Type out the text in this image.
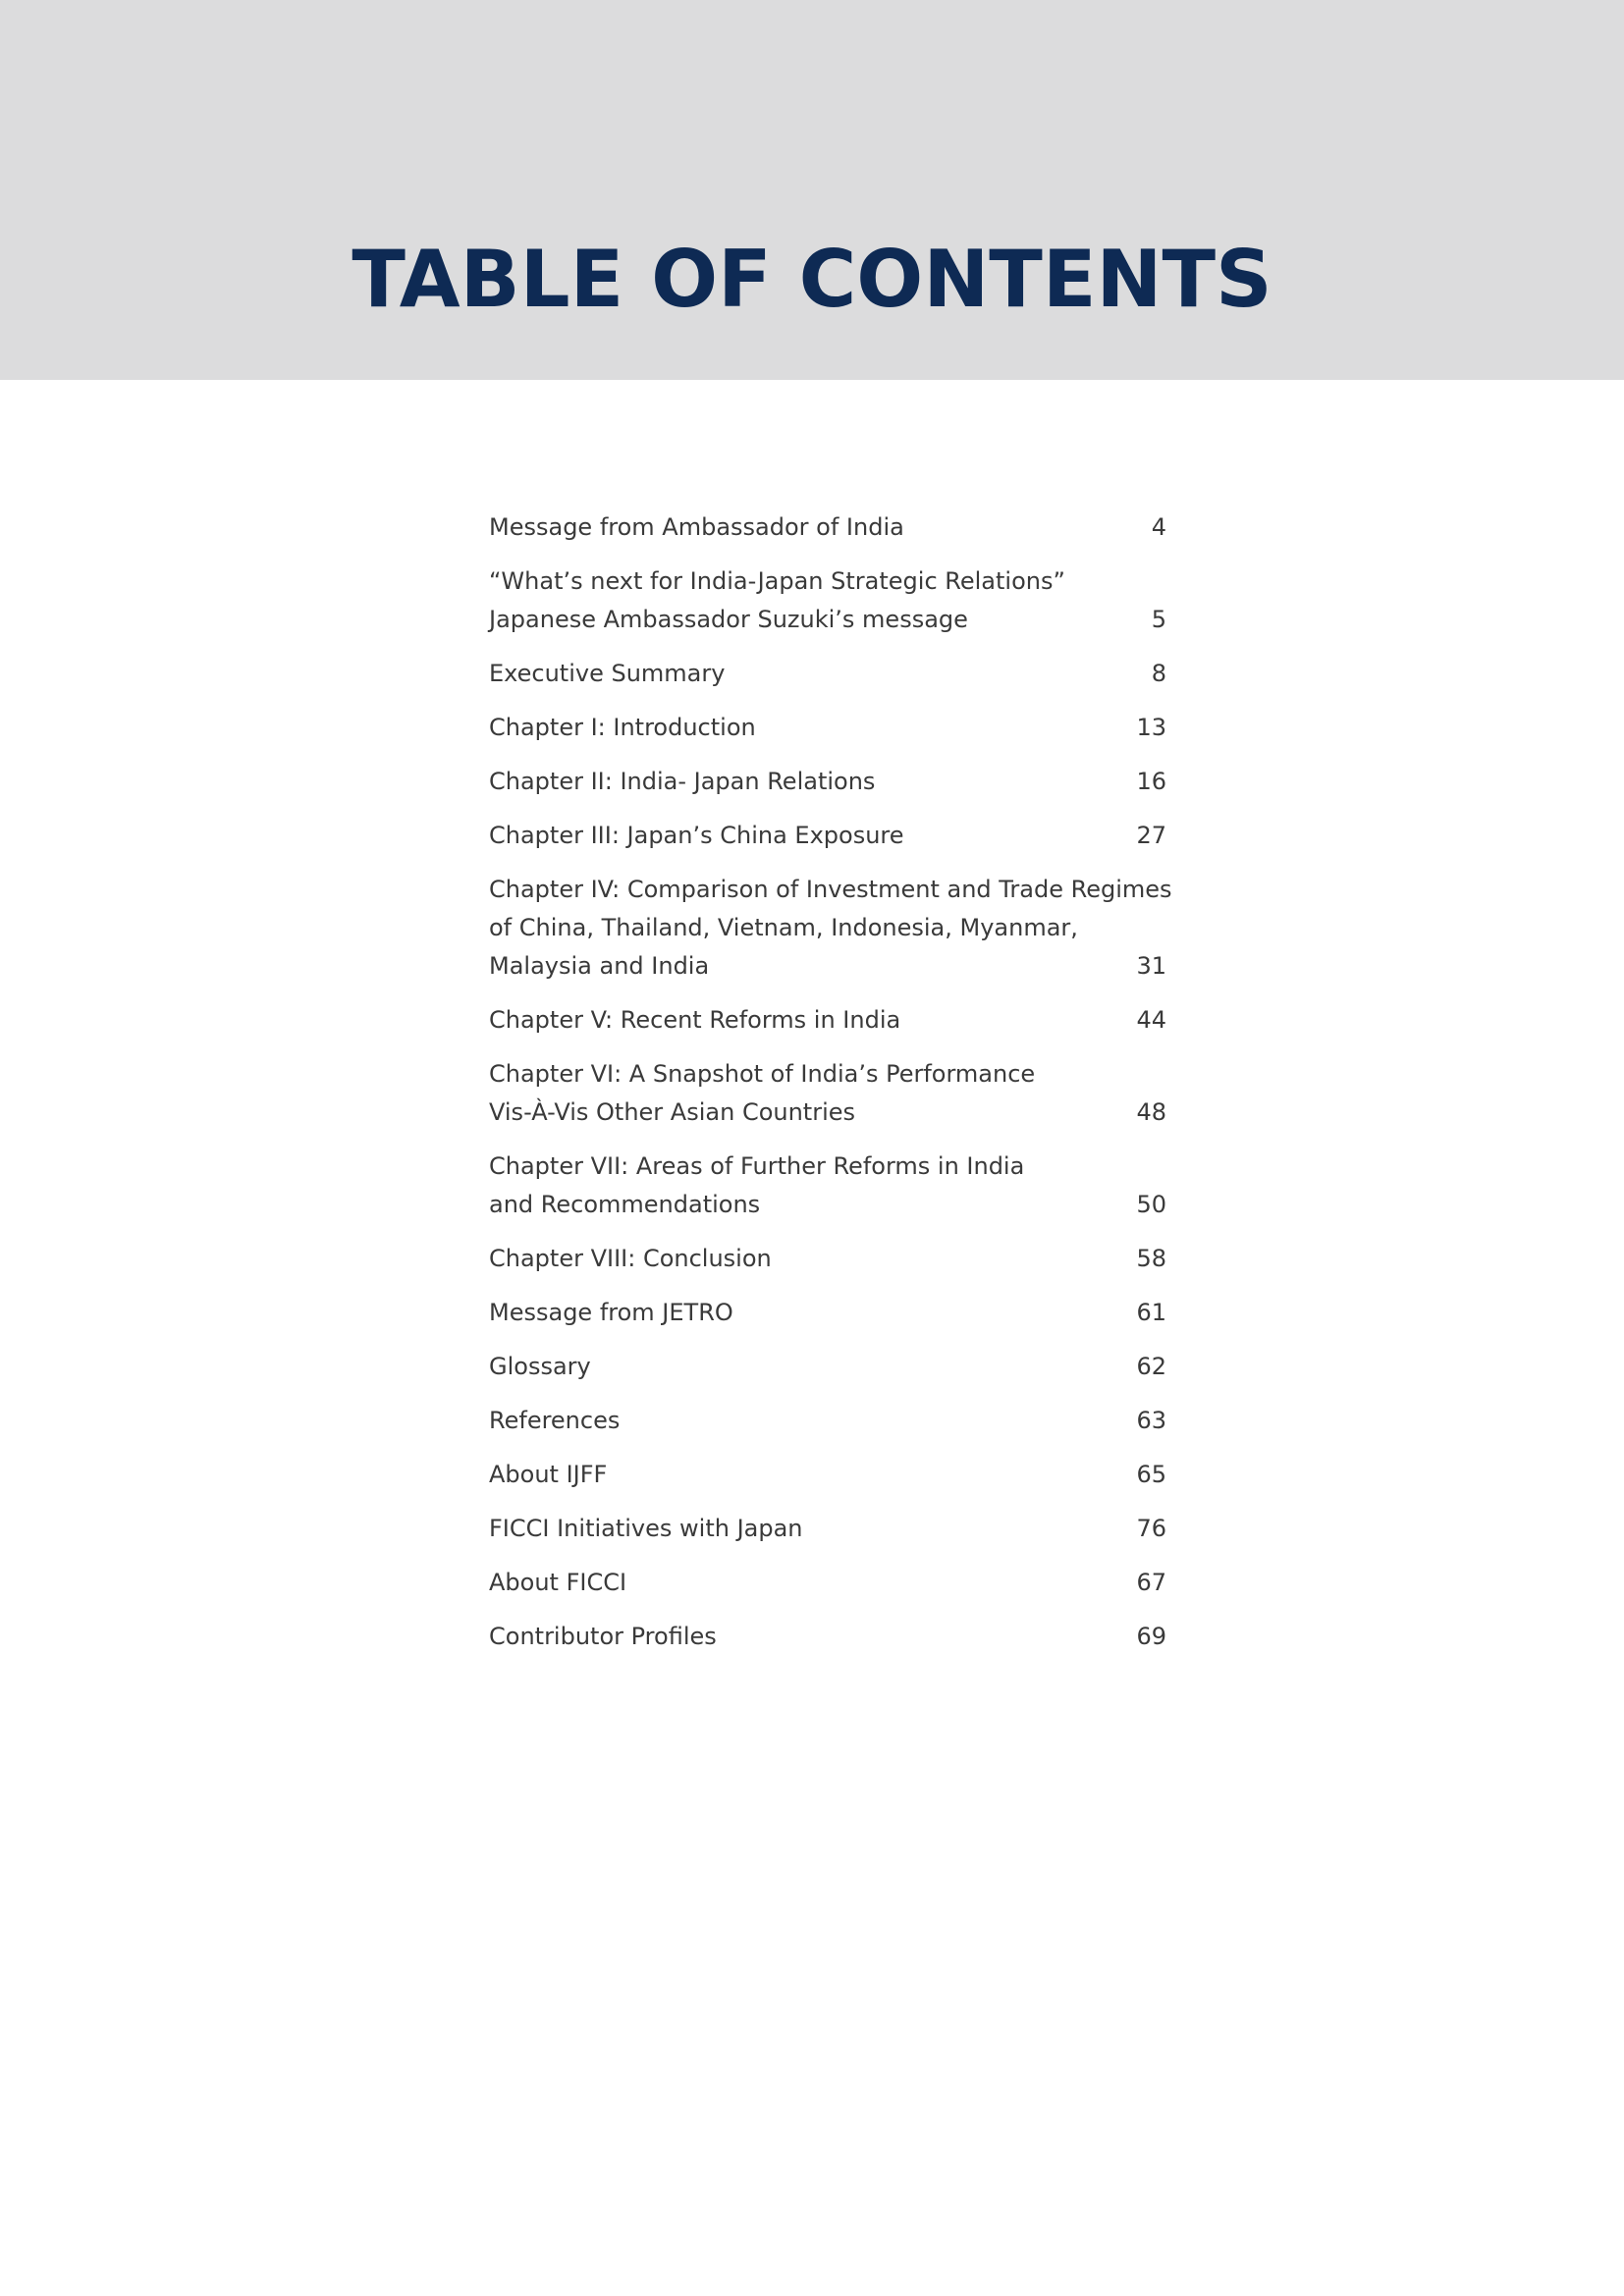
TABLE OF CONTENTS
Message from Ambassador of India	4
“What’s next for India-Japan Strategic Relations”
Japanese Ambassador Suzuki’s message	5
Executive Summary	8
Chapter I: Introduction	13
Chapter II: India- Japan Relations	16
Chapter III: Japan’s China Exposure	27
Chapter IV: Comparison of Investment and Trade Regimes
of China, Thailand, Vietnam, Indonesia, Myanmar,
Malaysia and India	31
Chapter V: Recent Reforms in India	44
Chapter VI: A Snapshot of India’s Performance
Vis-À-Vis Other Asian Countries	48
Chapter VII: Areas of Further Reforms in India
and Recommendations	50
Chapter VIII: Conclusion	58
Message from JETRO	61
Glossary	62
References	63
About IJFF	65
FICCI Initiatives with Japan	76
About FICCI	67
Contributor Profiles	69
